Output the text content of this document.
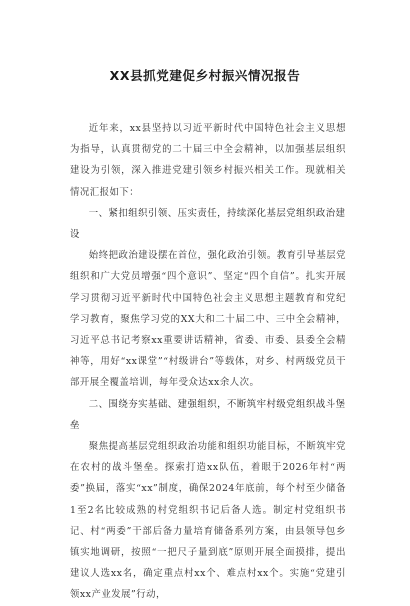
XX县抓党建促乡村振兴情况报告

近年来，xx县坚持以习近平新时代中国特色社会主义思想为指导，认真贯彻党的二十届三中全会精神，以加强基层组织建设为引领，深入推进党建引领乡村振兴相关工作。现就相关情况汇报如下：

一、紧扣组织引领、压实责任，持续深化基层党组织政治建设

始终把政治建设摆在首位，强化政治引领。教育引导基层党组织和广大党员增强“四个意识”、坚定“四个自信”。扎实开展学习贯彻习近平新时代中国特色社会主义思想主题教育和党纪学习教育，聚焦学习党的XX大和二十届二中、三中全会精神，习近平总书记考察xx重要讲话精神，省委、市委、县委全会精神等，用好“xx课堂”“村级讲台”等载体，对乡、村两级党员干部开展全覆盖培训，每年受众达xx余人次。

二、围绕夯实基础、建强组织，不断筑牢村级党组织战斗堡垒

聚焦提高基层党组织政治功能和组织功能目标，不断筑牢党在农村的战斗堡垒。探索打造xx队伍，着眼于2026年村“两委”换届，落实“xx”制度，确保2024年底前，每个村至少储备1至2名比较成熟的村党组织书记后备人选。制定村党组织书记、村“两委”干部后备力量培育储备系列方案，由县领导包乡镇实地调研，按照“一把尺子量到底”原则开展全面摸排，提出建议人选xx名，确定重点村xx个、难点村xx个。实施“党建引领xx产业发展”行动，
